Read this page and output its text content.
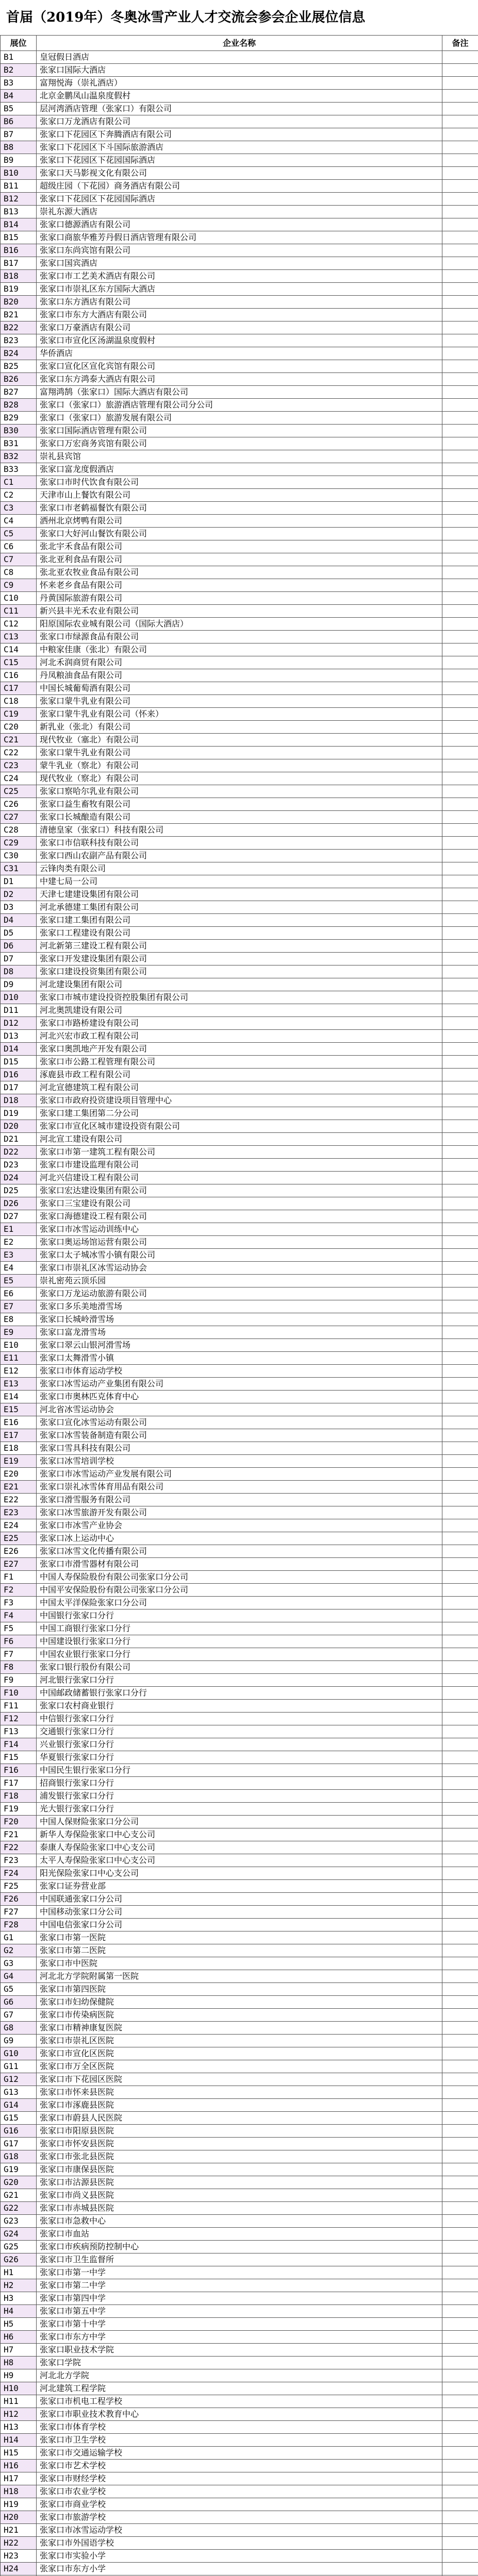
首届（2019年）冬奥冰雪产业人才交流会参会企业展位信息
展位	企业名称	备注
B1	皇冠假日酒店	
B2	张家口国际大酒店	
B3	富翔悦海（崇礼酒店）	
B4	北京金鹏凤山温泉度假村	
B5	层河湾酒店管理（张家口）有限公司	
B6	张家口万龙酒店有限公司	
B7	张家口下花园区下奔腾酒店有限公司	
B8	张家口下花园区下斗国际旅游酒店	
B9	张家口下花园区下花园国际酒店	
B10	张家口天马影视文化有限公司	
B11	超级庄园（下花园）商务酒店有限公司	
B12	张家口下花园区下花园国际酒店	
B13	崇礼东源大酒店	
B14	张家口德源酒店有限公司	
B15	张家口商旅华雅芳丹假日酒店管理有限公司	
B16	张家口东尚宾馆有限公司	
B17	张家口国宾酒店	
B18	张家口市工艺美术酒店有限公司	
B19	张家口市崇礼区东方国际大酒店	
B20	张家口东方酒店有限公司	
B21	张家口市东方大酒店有限公司	
B22	张家口万豪酒店有限公司	
B23	张家口市宣化区汤湖温泉度假村	
B24	华侨酒店	
B25	张家口宣化区宣化宾馆有限公司	
B26	张家口东方鸿泰大酒店有限公司	
B27	富翔鸿鹄（张家口）国际大酒店有限公司	
B28	张家口（张家口）旅游酒店管理有限公司分公司	
B29	张家口（张家口）旅游发展有限公司	
B30	张家口国际酒店管理有限公司	
B31	张家口万宏商务宾馆有限公司	
B32	崇礼县宾馆	
B33	张家口富龙度假酒店	
C1	张家口市时代饮食有限公司	
C2	天津市山上餐饮有限公司	
C3	张家口市老鹤福餐饮有限公司	
C4	洒州北京烤鸭有限公司	
C5	张家口大好河山餐饮有限公司	
C6	张北宇禾食品有限公司	
C7	张北亚利食品有限公司	
C8	张北亚农牧业食品有限公司	
C9	怀来老乡食品有限公司	
C10	丹黄国际旅游有限公司	
C11	新兴县丰光禾农业有限公司	
C12	阳原国际农业城有限公司（国际大酒店）	
C13	张家口市绿源食品有限公司	
C14	中粮家佳康（张北）有限公司	
C15	河北禾润商贸有限公司	
C16	丹凤粮油食品有限公司	
C17	中国长城葡萄酒有限公司	
C18	张家口蒙牛乳业有限公司	
C19	张家口蒙牛乳业有限公司（怀来）	
C20	新乳业（张北）有限公司	
C21	现代牧业（塞北）有限公司	
C22	张家口蒙牛乳业有限公司	
C23	蒙牛乳业（察北）有限公司	
C24	现代牧业（察北）有限公司	
C25	张家口察哈尔乳业有限公司	
C26	张家口益生畜牧有限公司	
C27	张家口长城酿造有限公司	
C28	清徳皇家（张家口）科技有限公司	
C29	张家口市信联科技有限公司	
C30	张家口西山农副产品有限公司	
C31	云锋肉类有限公司	
D1	中建七局一公司	
D2	天津七建建设集团有限公司	
D3	河北承德建工集团有限公司	
D4	张家口建工集团有限公司	
D5	张家口工程建设有限公司	
D6	河北新第三建设工程有限公司	
D7	张家口开发建设集团有限公司	
D8	张家口建设投资集团有限公司	
D9	河北建设集团有限公司	
D10	张家口市城市建设投资控股集团有限公司	
D11	河北奥凯建设有限公司	
D12	张家口市路桥建设有限公司	
D13	河北兴宏市政工程有限公司	
D14	张家口奥凯地产开发有限公司	
D15	张家口市公路工程管理有限公司	
D16	涿鹿县市政工程有限公司	
D17	河北宣德建筑工程有限公司	
D18	张家口市政府投资建设项目管理中心	
D19	张家口建工集团第二分公司	
D20	张家口市宣化区城市建设投资有限公司	
D21	河北宣工建设有限公司	
D22	张家口市第一建筑工程有限公司	
D23	张家口市建设监理有限公司	
D24	河北兴信建设工程有限公司	
D25	张家口宏达建设集团有限公司	
D26	张家口三宝建设有限公司	
D27	张家口海德建设工程有限公司	
E1	张家口市冰雪运动训练中心	
E2	张家口奥运场馆运营有限公司	
E3	张家口太子城冰雪小镇有限公司	
E4	张家口市崇礼区冰雪运动协会	
E5	崇礼密苑云顶乐园	
E6	张家口万龙运动旅游有限公司	
E7	张家口多乐美地滑雪场	
E8	张家口长城岭滑雪场	
E9	张家口富龙滑雪场	
E10	张家口翠云山银河滑雪场	
E11	张家口太舞滑雪小镇	
E12	张家口市体育运动学校	
E13	张家口冰雪运动产业集团有限公司	
E14	张家口市奥林匹克体育中心	
E15	河北省冰雪运动协会	
E16	张家口宣化冰雪运动有限公司	
E17	张家口冰雪装备制造有限公司	
E18	张家口雪具科技有限公司	
E19	张家口冰雪培训学校	
E20	张家口市冰雪运动产业发展有限公司	
E21	张家口崇礼冰雪体育用品有限公司	
E22	张家口滑雪服务有限公司	
E23	张家口冰雪旅游开发有限公司	
E24	张家口市冰雪产业协会	
E25	张家口冰上运动中心	
E26	张家口冰雪文化传播有限公司	
E27	张家口市滑雪器材有限公司	
F1	中国人寿保险股份有限公司张家口分公司	
F2	中国平安保险股份有限公司张家口分公司	
F3	中国太平洋保险张家口分公司	
F4	中国银行张家口分行	
F5	中国工商银行张家口分行	
F6	中国建设银行张家口分行	
F7	中国农业银行张家口分行	
F8	张家口银行股份有限公司	
F9	河北银行张家口分行	
F10	中国邮政储蓄银行张家口分行	
F11	张家口农村商业银行	
F12	中信银行张家口分行	
F13	交通银行张家口分行	
F14	兴业银行张家口分行	
F15	华夏银行张家口分行	
F16	中国民生银行张家口分行	
F17	招商银行张家口分行	
F18	浦发银行张家口分行	
F19	光大银行张家口分行	
F20	中国人保财险张家口分公司	
F21	新华人寿保险张家口中心支公司	
F22	泰康人寿保险张家口中心支公司	
F23	太平人寿保险张家口中心支公司	
F24	阳光保险张家口中心支公司	
F25	张家口证券营业部	
F26	中国联通张家口分公司	
F27	中国移动张家口分公司	
F28	中国电信张家口分公司	
G1	张家口市第一医院	
G2	张家口市第二医院	
G3	张家口市中医院	
G4	河北北方学院附属第一医院	
G5	张家口市第四医院	
G6	张家口市妇幼保健院	
G7	张家口市传染病医院	
G8	张家口市精神康复医院	
G9	张家口市崇礼区医院	
G10	张家口市宣化区医院	
G11	张家口市万全区医院	
G12	张家口市下花园区医院	
G13	张家口市怀来县医院	
G14	张家口市涿鹿县医院	
G15	张家口市蔚县人民医院	
G16	张家口市阳原县医院	
G17	张家口市怀安县医院	
G18	张家口市张北县医院	
G19	张家口市康保县医院	
G20	张家口市沽源县医院	
G21	张家口市尚义县医院	
G22	张家口市赤城县医院	
G23	张家口市急救中心	
G24	张家口市血站	
G25	张家口市疾病预防控制中心	
G26	张家口市卫生监督所	
H1	张家口市第一中学	
H2	张家口市第二中学	
H3	张家口市第四中学	
H4	张家口市第五中学	
H5	张家口市第十中学	
H6	张家口市东方中学	
H7	张家口职业技术学院	
H8	张家口学院	
H9	河北北方学院	
H10	河北建筑工程学院	
H11	张家口市机电工程学校	
H12	张家口市职业技术教育中心	
H13	张家口市体育学校	
H14	张家口市卫生学校	
H15	张家口市交通运输学校	
H16	张家口市艺术学校	
H17	张家口市财经学校	
H18	张家口市农业学校	
H19	张家口市商业学校	
H20	张家口市旅游学校	
H21	张家口市冰雪运动学校	
H22	张家口市外国语学校	
H23	张家口市实验小学	
H24	张家口市东方小学	
